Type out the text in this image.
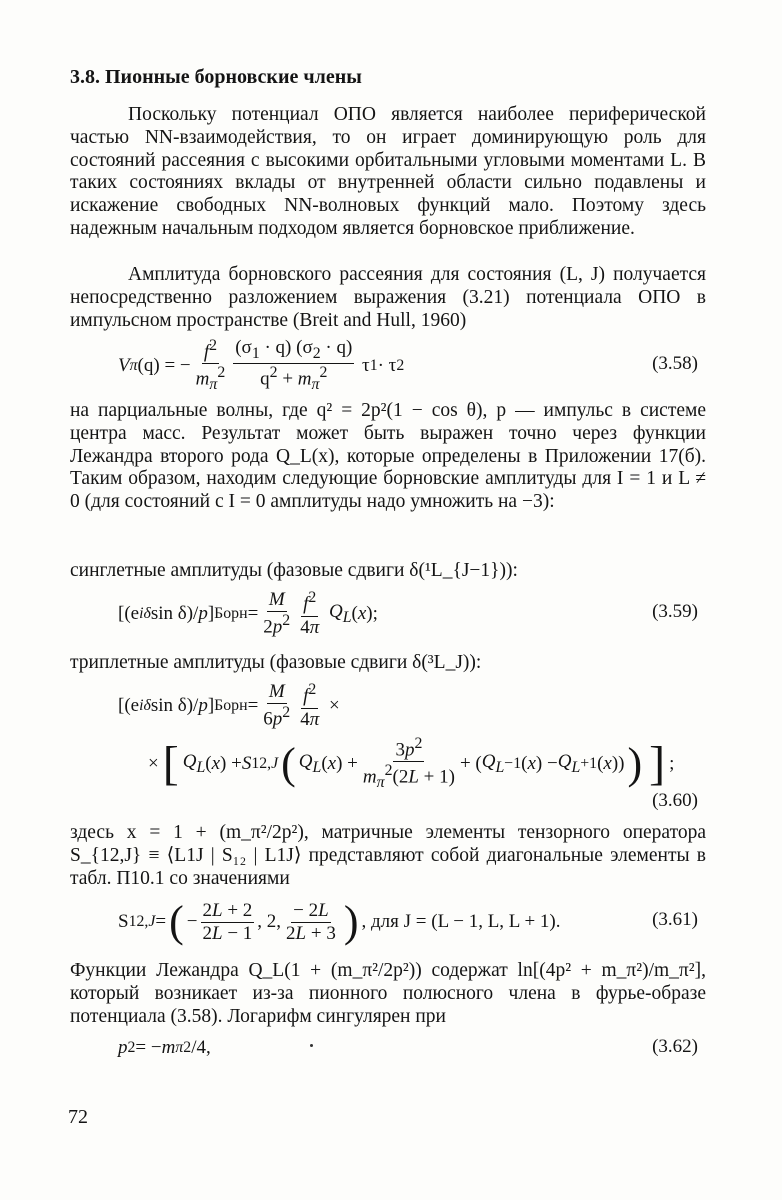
3.8. Пионные борновские члены

Поскольку потенциал ОПО является наиболее периферической частью NN-взаимодействия, то он играет доминирующую роль для состояний рассеяния с высокими орбитальными угловыми моментами L. В таких состояниях вклады от внутренней области сильно подавлены и искажение свободных NN-волновых функций мало. Поэтому здесь надежным начальным подходом является борновское приближение.

Амплитуда борновского рассеяния для состояния (L, J) получается непосредственно разложением выражения (3.21) потенциала ОПО в импульсном пространстве (Breit and Hull, 1960)

V π (q) = − $\frac{f^2}{m_\pi^2} \frac{(\sigma_1 \cdot q) (\sigma_2 \cdot q)}{q^2 + m_\pi^2}$ τ 1 · τ 2	(3.58)

на парциальные волны, где q² = 2p²(1 − cos θ), p — импульс в системе центра масс. Результат может быть выражен точно через функции Лежандра второго рода Q_L(x), которые определены в Приложении 17(б). Таким образом, находим следующие борновские амплитуды для I = 1 и L ≠ 0 (для состояний с I = 0 амплитуды надо умножить на −3):

синглетные амплитуды (фазовые сдвиги δ(¹L_{J−1})):

[(e iδ sin δ)/ p ] Борн = $\frac{M}{2p^2} \frac{f^2}{4\pi}$
$Q_L$ ( x );	(3.59)

триплетные амплитуды (фазовые сдвиги δ(³L_J)):

[(e iδ sin δ)/ p ] Борн = $\frac{M}{6p^2} \frac{f^2}{4\pi}$ ×
× [ $Q_L$ ( x ) + S 12,J ( $Q_L$ ( x ) + $\frac{3p^2}{m_\pi^2(2L + 1)}$ + ( $Q_L -1$ ( x ) − $Q_L +1$ ( x )) ) ] ;
(3.60)

здесь x = 1 + (m_π²/2p²), матричные элементы тензорного оператора S_{12,J} ≡ ⟨L1J | S₁₂ | L1J⟩ представляют собой диагональные элементы в табл. П10.1 со значениями

S 12,J = ( − $\frac{2L + 2}{2L - 1}$ , 2, $\frac{- 2L}{2L + 3}$ ) , для J = (L − 1, L, L + 1).	(3.61)

Функции Лежандра Q_L(1 + (m_π²/2p²)) содержат ln[(4p² + m_π²)/m_π²], который возникает из-за пионного полюсного члена в фурье-образе потенциала (3.58). Логарифм сингулярен при

p 2 = − m π 2 /4,	(3.62)
72
